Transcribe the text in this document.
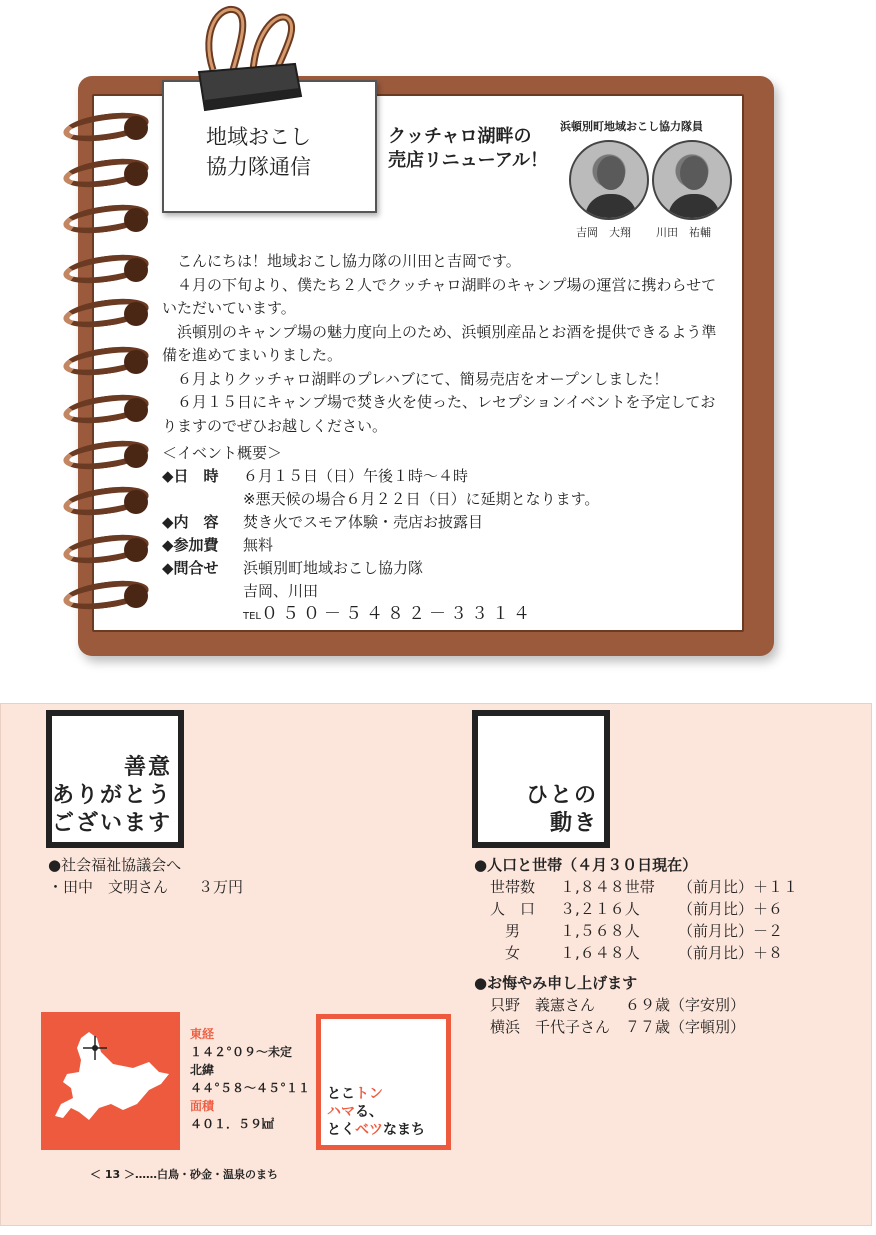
地域おこし
協力隊通信
クッチャロ湖畔の
売店リニューアル！
浜頓別町地域おこし協力隊員
吉岡　大翔 川田　祐輔

こんにちは！地域おこし協力隊の川田と吉岡です。

４月の下旬より、僕たち２人でクッチャロ湖畔のキャンプ場の運営に携わらせていただいています。

浜頓別のキャンプ場の魅力度向上のため、浜頓別産品とお酒を提供できるよう準備を進めてまいりました。

６月よりクッチャロ湖畔のプレハブにて、簡易売店をオープンしました！

６月１５日にキャンプ場で焚き火を使った、レセプションイベントを予定しておりますのでぜひお越しください。

＜イベント概要＞
◆日　時	６月１５日（日）午後１時～４時
※悪天候の場合６月２２日（日）に延期となります。
◆内　容	焚き火でスモア体験・売店お披露目
◆参加費	無料
◆問合せ	浜頓別町地域おこし協力隊
吉岡、川田
TEL０５０－５４８２－３３１４
善意
ありがとう
ございます
●社会福祉協議会へ
・田中　文明さん　　３万円
ひとの
動き
●人口と世帯（４月３０日現在）
世帯数	１,８４８世帯	（前月比）＋１１
人　口	３,２１６人	（前月比）＋６
　男	１,５６８人	（前月比）－２
　女	１,６４８人	（前月比）＋８
●お悔やみ申し上げます
只野　義憲さん　　６９歳（字安別）
横浜　千代子さん　７７歳（字頓別）
東経
１４２°０９～未定
北緯
４４°５８～４５°１１
面積
４０１．５９㎢
とこトン
ハマる、
とくベツなまち
＜ 13 ＞……白鳥・砂金・温泉のまち
